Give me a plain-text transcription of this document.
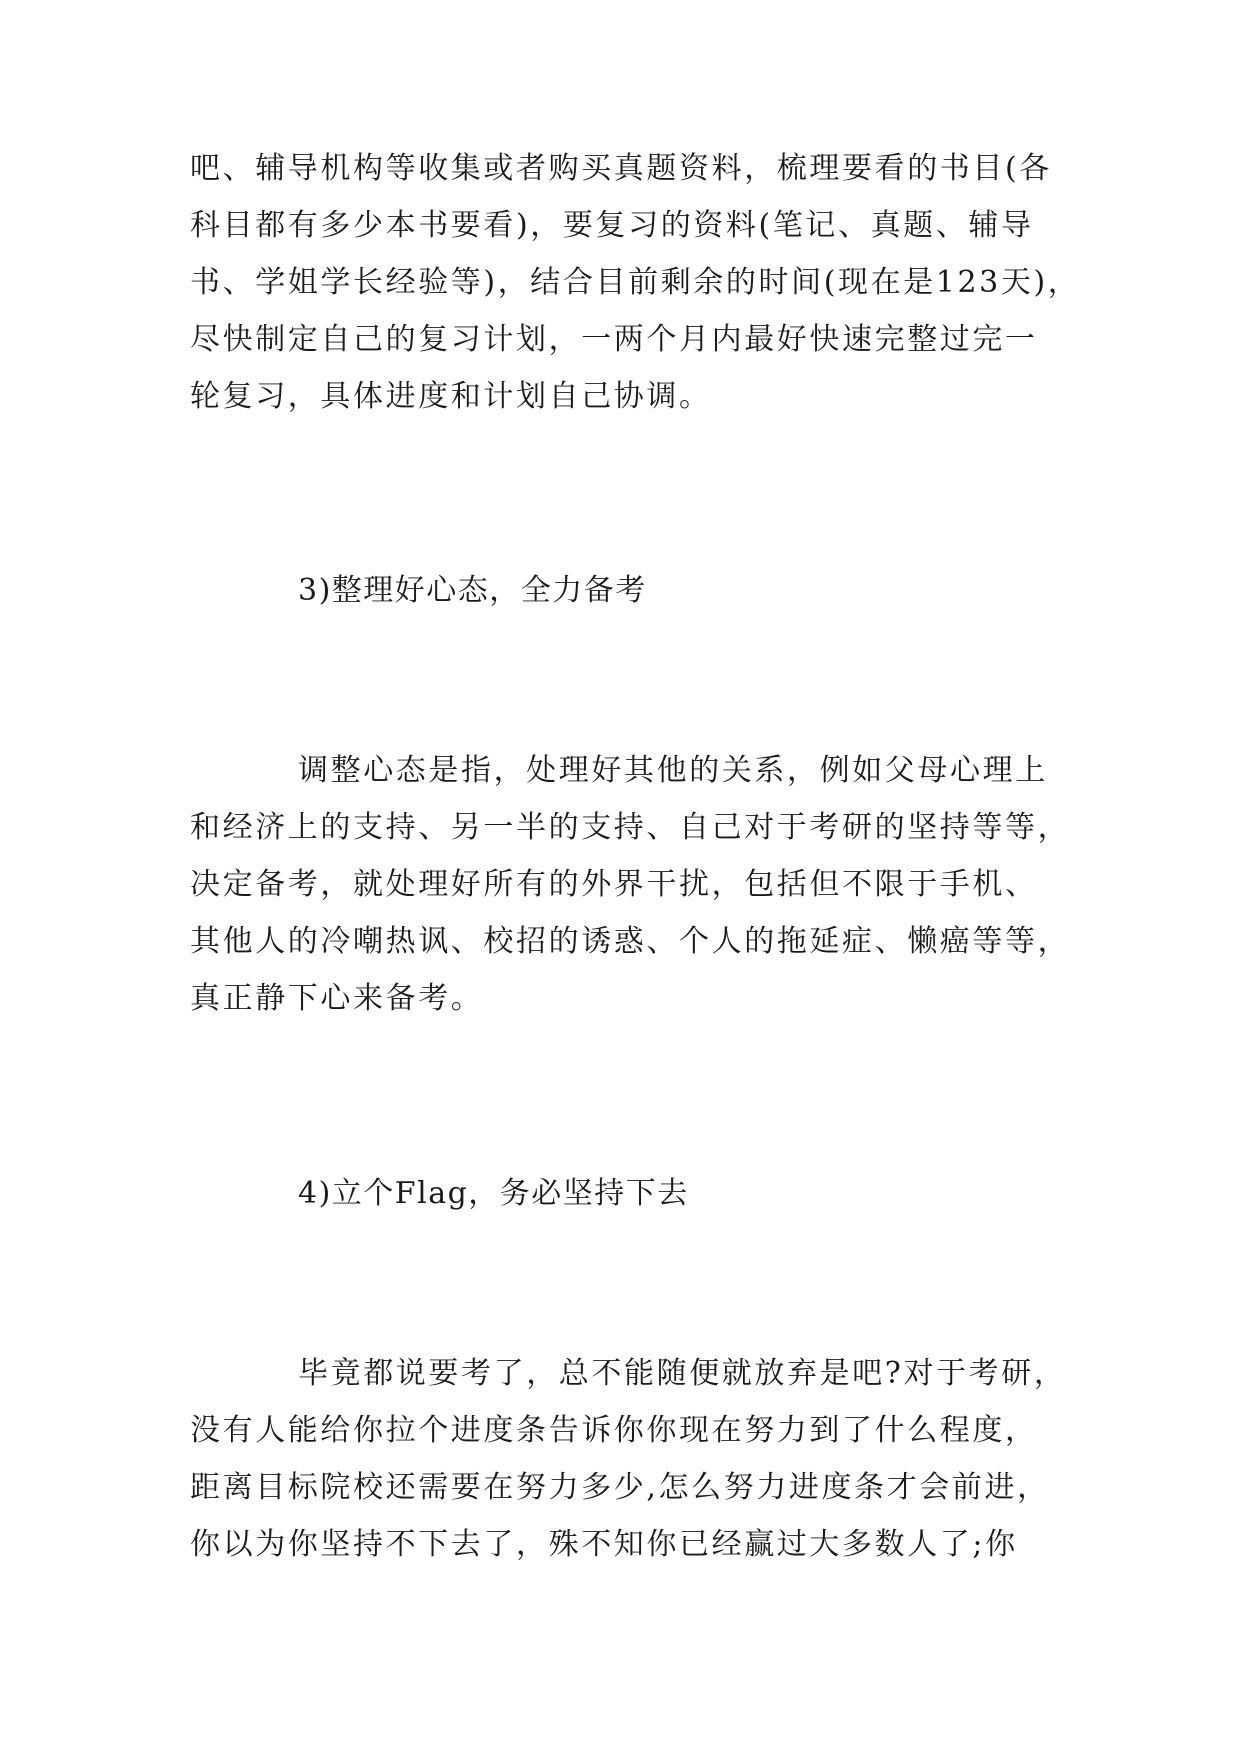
吧、辅导机构等收集或者购买真题资料，梳理要看的书目(各
科目都有多少本书要看)，要复习的资料(笔记、真题、辅导
书、学姐学长经验等)，结合目前剩余的时间(现在是123天)，
尽快制定自己的复习计划，一两个月内最好快速完整过完一
轮复习，具体进度和计划自己协调。
3)整理好心态，全力备考
调整心态是指，处理好其他的关系，例如父母心理上
和经济上的支持、另一半的支持、自己对于考研的坚持等等，
决定备考，就处理好所有的外界干扰，包括但不限于手机、
其他人的冷嘲热讽、校招的诱惑、个人的拖延症、懒癌等等，
真正静下心来备考。
4)立个Flag，务必坚持下去
毕竟都说要考了，总不能随便就放弃是吧?对于考研，
没有人能给你拉个进度条告诉你你现在努力到了什么程度，
距离目标院校还需要在努力多少,怎么努力进度条才会前进，
你以为你坚持不下去了，殊不知你已经赢过大多数人了;你
